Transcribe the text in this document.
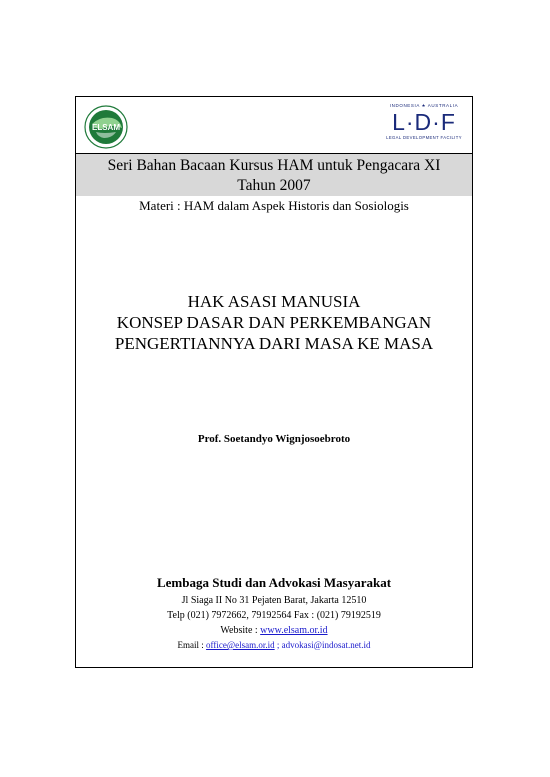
ELSAM
INDONESIA ★ AUSTRALIA
L·D·F
LEGAL DEVELOPMENT FACILITY
Seri Bahan Bacaan Kursus HAM untuk Pengacara XI
Tahun 2007
Materi : HAM dalam Aspek Historis dan Sosiologis
HAK ASASI MANUSIA
KONSEP DASAR DAN PERKEMBANGAN
PENGERTIANNYA DARI MASA KE MASA
Prof. Soetandyo Wignjosoebroto
Lembaga Studi dan Advokasi Masyarakat
Jl Siaga II No 31 Pejaten Barat, Jakarta 12510
Telp (021) 7972662, 79192564 Fax : (021) 79192519
Website : www.elsam.or.id
Email : office@elsam.or.id ; advokasi@indosat.net.id
